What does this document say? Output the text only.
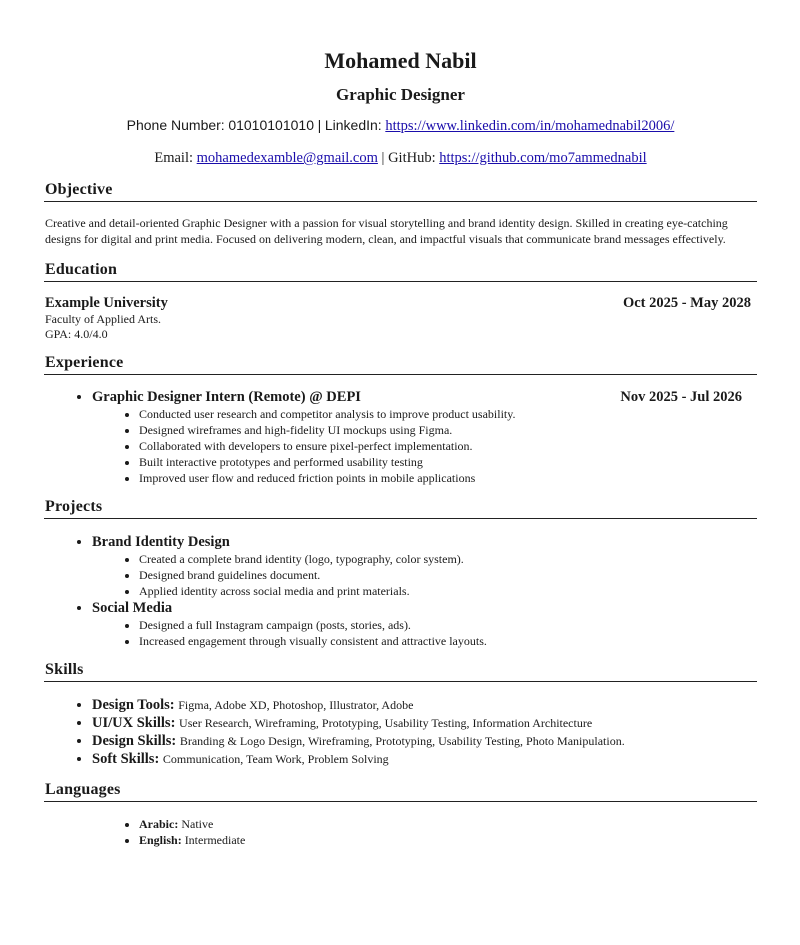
Mohamed Nabil
Graphic Designer
Phone Number: 01010101010 | LinkedIn: https://www.linkedin.com/in/mohamednabil2006/
Email: mohamedexamble@gmail.com | GitHub: https://github.com/mo7ammednabil
Objective
Creative and detail-oriented Graphic Designer with a passion for visual storytelling and brand identity design. Skilled in creating eye-catching designs for digital and print media. Focused on delivering modern, clean, and impactful visuals that communicate brand messages effectively.
Education
Example University	Oct 2025 - May 2028
Faculty of Applied Arts.
GPA: 4.0/4.0
Experience
• Graphic Designer Intern (Remote) @ DEPI	Nov 2025 - Jul 2026
• Conducted user research and competitor analysis to improve product usability.
• Designed wireframes and high-fidelity UI mockups using Figma.
• Collaborated with developers to ensure pixel-perfect implementation.
• Built interactive prototypes and performed usability testing
• Improved user flow and reduced friction points in mobile applications
Projects
• Brand Identity Design
• Created a complete brand identity (logo, typography, color system).
• Designed brand guidelines document.
• Applied identity across social media and print materials.
• Social Media
• Designed a full Instagram campaign (posts, stories, ads).
• Increased engagement through visually consistent and attractive layouts.
Skills
• Design Tools: Figma, Adobe XD, Photoshop, Illustrator, Adobe
• UI/UX Skills: User Research, Wireframing, Prototyping, Usability Testing, Information Architecture
• Design Skills: Branding & Logo Design, Wireframing, Prototyping, Usability Testing, Photo Manipulation.
• Soft Skills: Communication, Team Work, Problem Solving
Languages
• Arabic: Native
• English: Intermediate
